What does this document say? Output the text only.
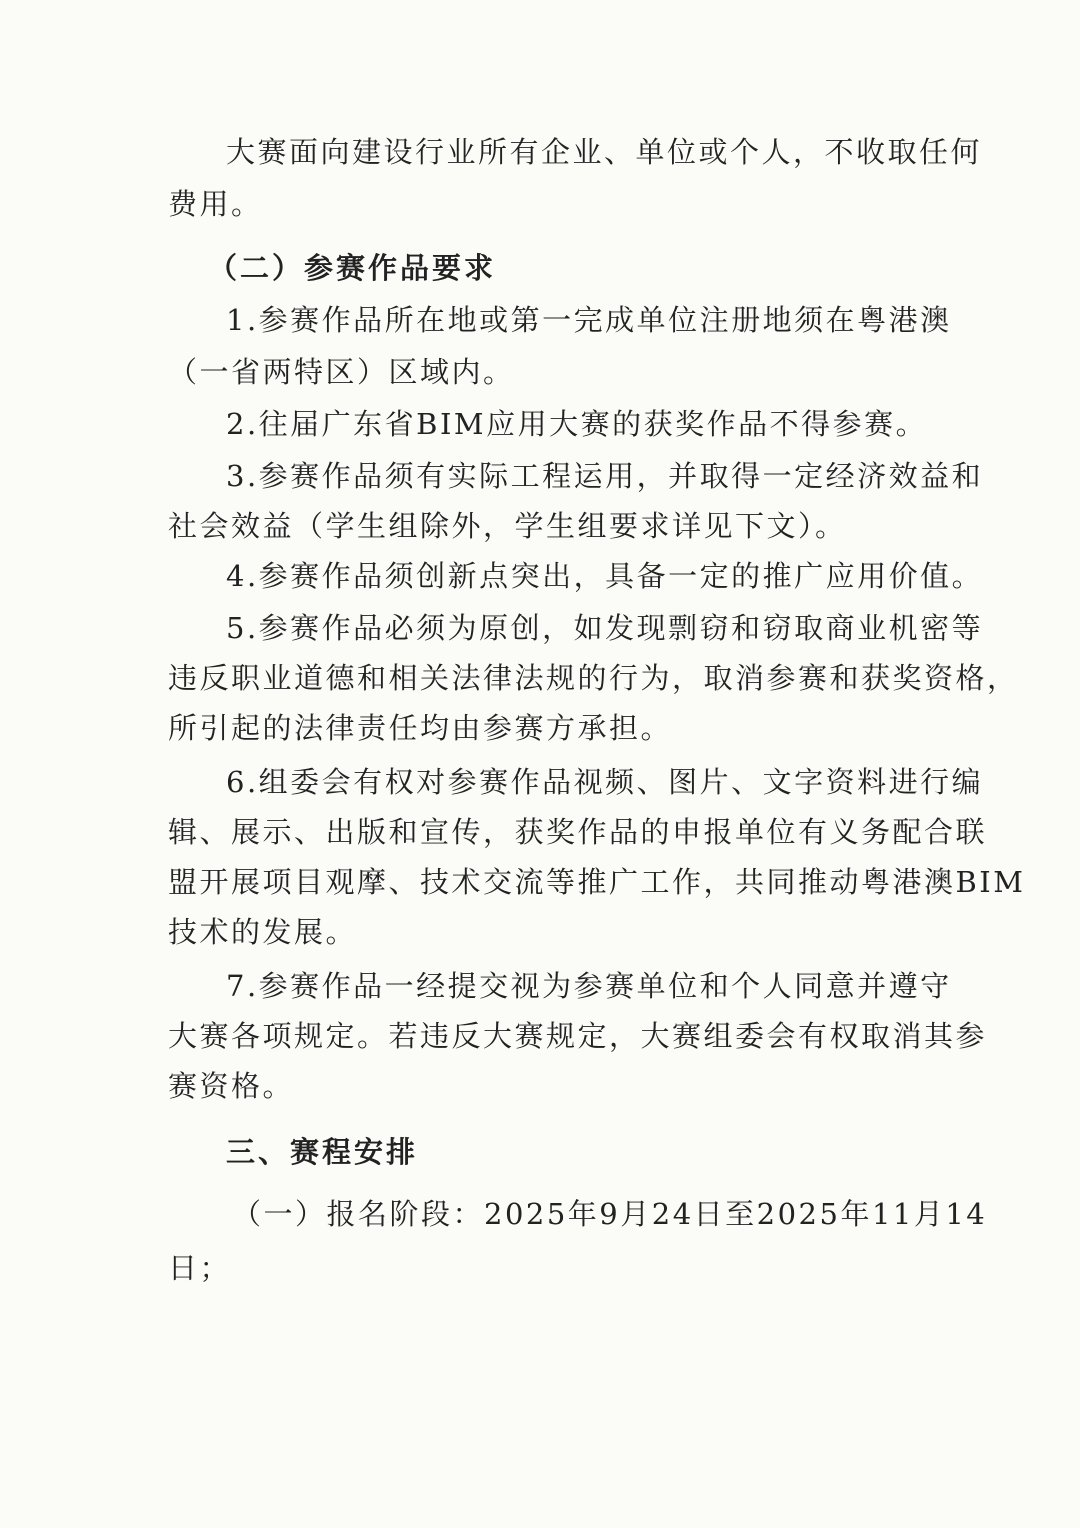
大赛面向建设行业所有企业、单位或个人，不收取任何
费用。
（二）参赛作品要求
1.参赛作品所在地或第一完成单位注册地须在粤港澳
（一省两特区）区域内。
2.往届广东省BIM应用大赛的获奖作品不得参赛。
3.参赛作品须有实际工程运用，并取得一定经济效益和
社会效益（学生组除外，学生组要求详见下文）。
4.参赛作品须创新点突出，具备一定的推广应用价值。
5.参赛作品必须为原创，如发现剽窃和窃取商业机密等
违反职业道德和相关法律法规的行为，取消参赛和获奖资格，
所引起的法律责任均由参赛方承担。
6.组委会有权对参赛作品视频、图片、文字资料进行编
辑、展示、出版和宣传，获奖作品的申报单位有义务配合联
盟开展项目观摩、技术交流等推广工作，共同推动粤港澳BIM
技术的发展。
7.参赛作品一经提交视为参赛单位和个人同意并遵守
大赛各项规定。若违反大赛规定，大赛组委会有权取消其参
赛资格。
三、赛程安排
（一）报名阶段：2025年9月24日至2025年11月14
日；
